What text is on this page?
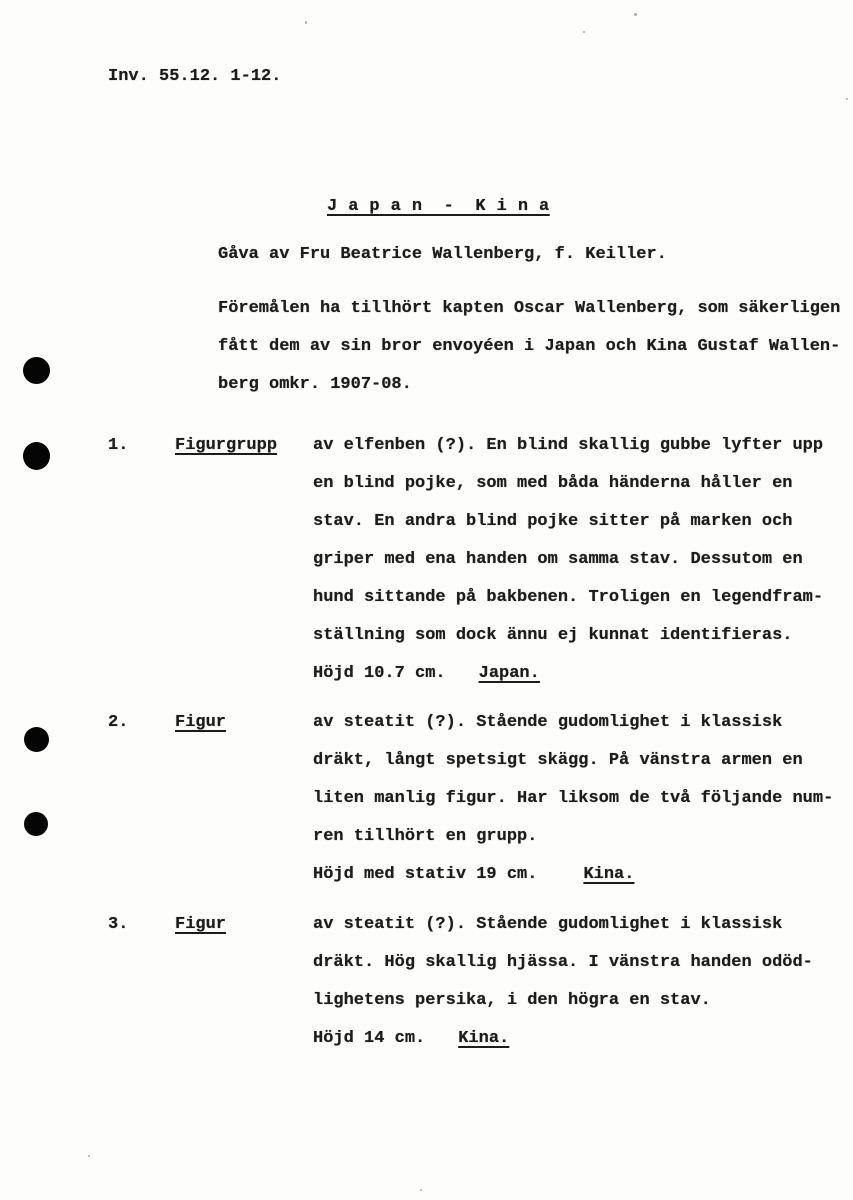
Inv. 55.12. 1-12.
J a p a n  -  K i n a
Gåva av Fru Beatrice Wallenberg, f. Keiller.
Föremålen ha tillhört kapten Oscar Wallenberg, som säkerligen
fått dem av sin bror envoyéen i Japan och Kina Gustaf Wallen-
berg omkr. 1907-08.
1.	Figurgrupp av elfenben (?). En blind skallig gubbe lyfter upp
en blind pojke, som med båda händerna håller en
stav. En andra blind pojke sitter på marken och
griper med ena handen om samma stav. Dessutom en
hund sittande på bakbenen. Troligen en legendfram-
ställning som dock ännu ej kunnat identifieras.
Höjd 10.7 cm. Japan.
2.	Figur	av steatit (?). Stående gudomlighet i klassisk
dräkt, långt spetsigt skägg. På vänstra armen en
liten manlig figur. Har liksom de två följande num-
ren tillhört en grupp.
Höjd med stativ 19 cm.	Kina.
3.	Figur	av steatit (?). Stående gudomlighet i klassisk
dräkt. Hög skallig hjässa. I vänstra handen odöd-
lighetens persika, i den högra en stav.
Höjd 14 cm. Kina.
